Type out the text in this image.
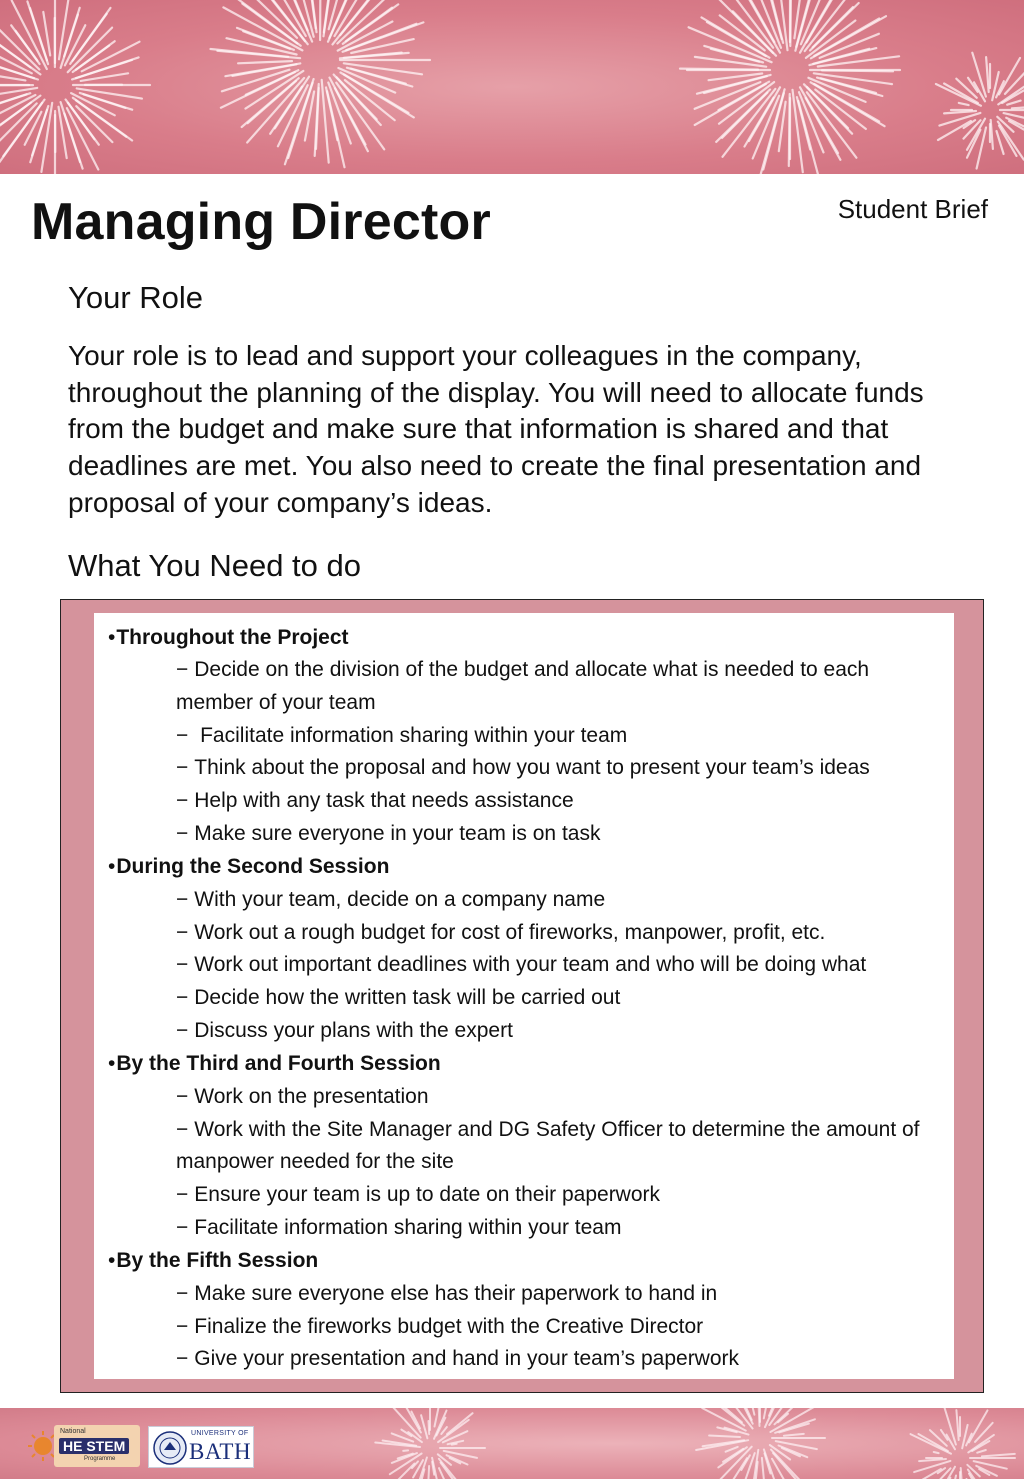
Student Brief
Managing Director
Your Role

Your role is to lead and support your colleagues in the company, throughout the planning of the display. You will need to allocate funds from the budget and make sure that information is shared and that deadlines are met. You also need to create the final presentation and proposal of your company’s ideas.

What You Need to do
• Throughout the Project
− Decide on the division of the budget and allocate what is needed to each member of your team
− Facilitate information sharing within your team
− Think about the proposal and how you want to present your team’s ideas
− Help with any task that needs assistance
− Make sure everyone in your team is on task
• During the Second Session
− With your team, decide on a company name
− Work out a rough budget for cost of fireworks, manpower, profit, etc.
− Work out important deadlines with your team and who will be doing what
− Decide how the written task will be carried out
− Discuss your plans with the expert
• By the Third and Fourth Session
− Work on the presentation
− Work with the Site Manager and DG Safety Officer to determine the amount of manpower needed for the site
− Ensure your team is up to date on their paperwork
− Facilitate information sharing within your team
• By the Fifth Session
− Make sure everyone else has their paperwork to hand in
− Finalize the fireworks budget with the Creative Director
− Give your presentation and hand in your team’s paperwork
National
HE STEM
Programme
UNIVERSITY OF
BATH
